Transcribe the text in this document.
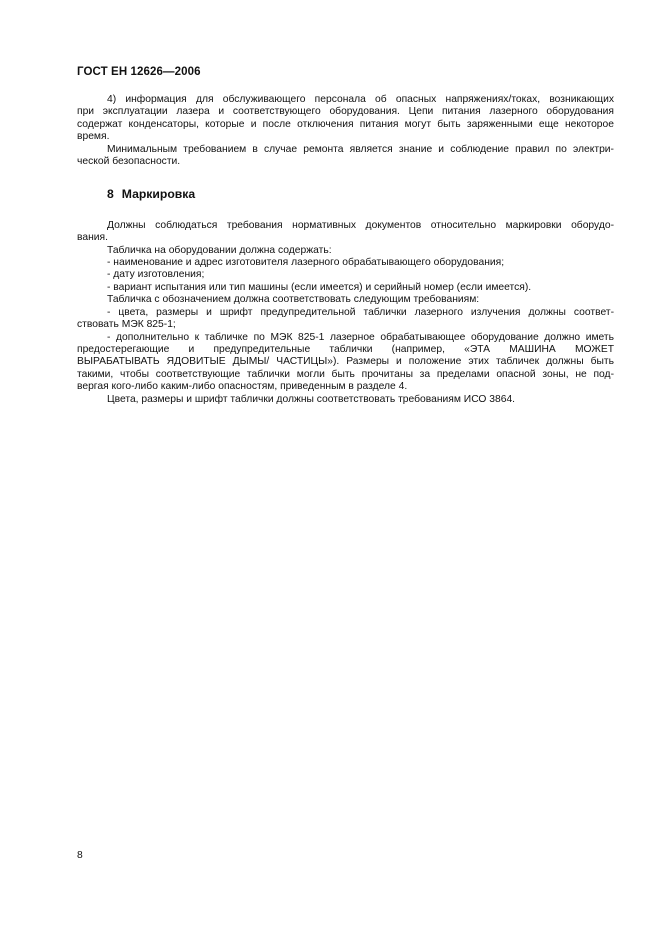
ГОСТ ЕН 12626—2006
4) информация для обслуживающего персонала об опасных напряжениях/токах, возникающих
при эксплуатации лазера и соответствующего оборудования. Цепи питания лазерного оборудования
содержат конденсаторы, которые и после отключения питания могут быть заряженными еще некоторое
время.
Минимальным требованием в случае ремонта является знание и соблюдение правил по электри-
ческой безопасности.
8 Маркировка
Должны соблюдаться требования нормативных документов относительно маркировки оборудо-
вания.
Табличка на оборудовании должна содержать:
- наименование и адрес изготовителя лазерного обрабатывающего оборудования;
- дату изготовления;
- вариант испытания или тип машины (если имеется) и серийный номер (если имеется).
Табличка с обозначением должна соответствовать следующим требованиям:
- цвета, размеры и шрифт предупредительной таблички лазерного излучения должны соответ-
ствовать МЭК 825-1;
- дополнительно к табличке по МЭК 825-1 лазерное обрабатывающее оборудование должно иметь
предостерегающие и предупредительные таблички (например, «ЭТА МАШИНА МОЖЕТ
ВЫРАБАТЫВАТЬ ЯДОВИТЫЕ ДЫМЫ/ ЧАСТИЦЫ»). Размеры и положение этих табличек должны быть
такими, чтобы соответствующие таблички могли быть прочитаны за пределами опасной зоны, не под-
вергая кого-либо каким-либо опасностям, приведенным в разделе 4.
Цвета, размеры и шрифт таблички должны соответствовать требованиям ИСО 3864.
8
